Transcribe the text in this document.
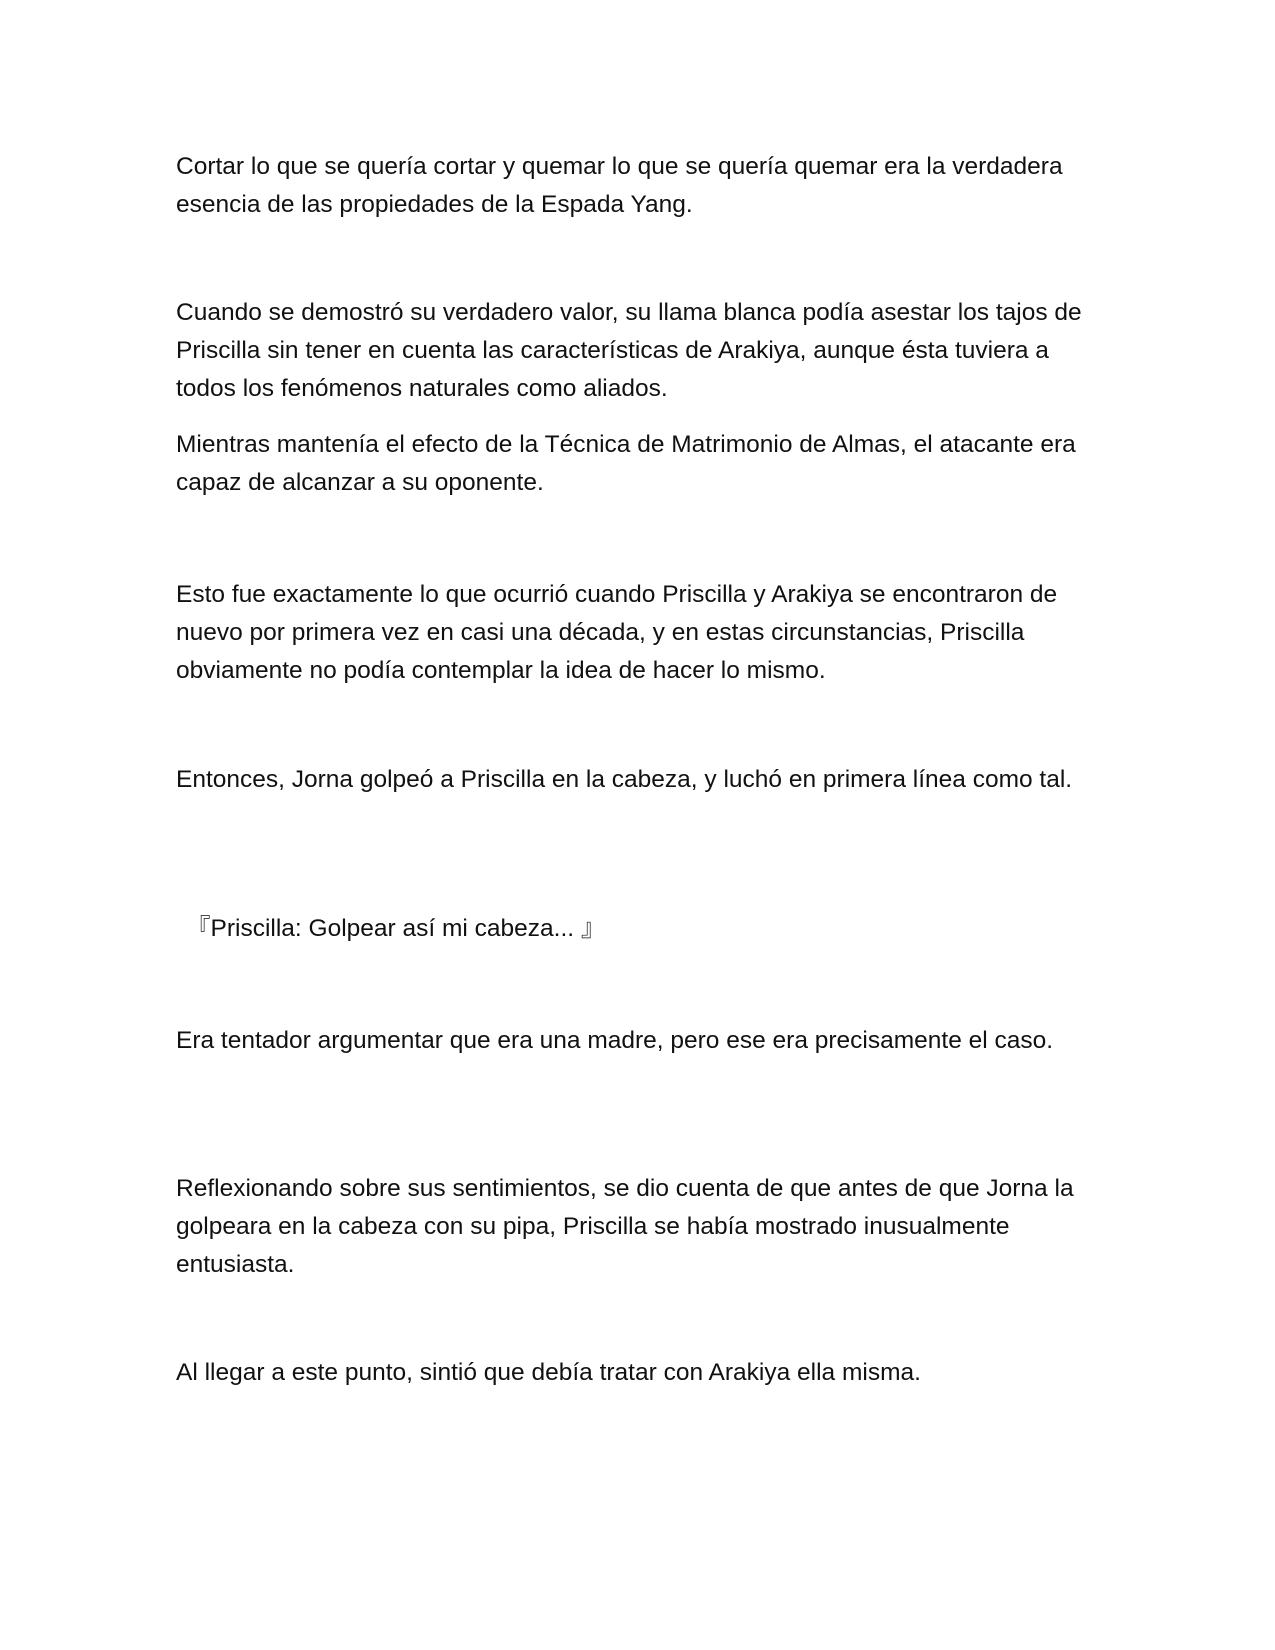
Cortar lo que se quería cortar y quemar lo que se quería quemar era la verdadera esencia de las propiedades de la Espada Yang.

Cuando se demostró su verdadero valor, su llama blanca podía asestar los tajos de Priscilla sin tener en cuenta las características de Arakiya, aunque ésta tuviera a todos los fenómenos naturales como aliados.

Mientras mantenía el efecto de la Técnica de Matrimonio de Almas, el atacante era capaz de alcanzar a su oponente.

Esto fue exactamente lo que ocurrió cuando Priscilla y Arakiya se encontraron de nuevo por primera vez en casi una década, y en estas circunstancias, Priscilla obviamente no podía contemplar la idea de hacer lo mismo.

Entonces, Jorna golpeó a Priscilla en la cabeza, y luchó en primera línea como tal.

『Priscilla: Golpear así mi cabeza... 』

Era tentador argumentar que era una madre, pero ese era precisamente el caso.

Reflexionando sobre sus sentimientos, se dio cuenta de que antes de que Jorna la golpeara en la cabeza con su pipa, Priscilla se había mostrado inusualmente entusiasta.

Al llegar a este punto, sintió que debía tratar con Arakiya ella misma.
